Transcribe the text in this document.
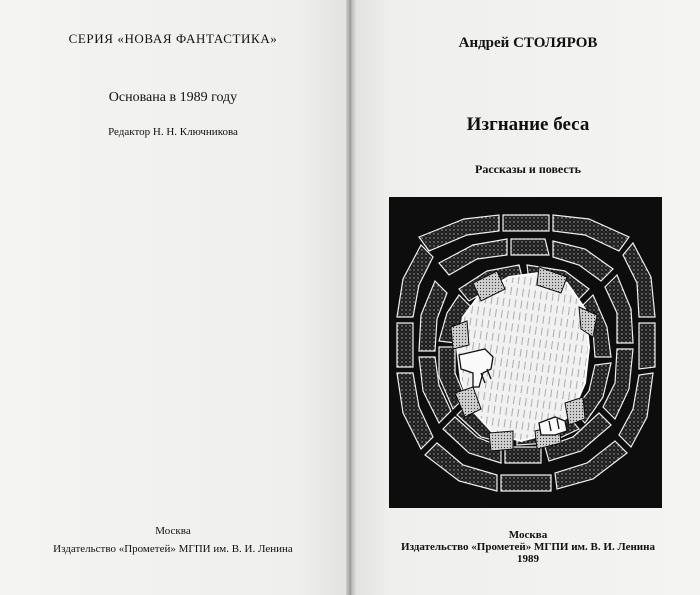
СЕРИЯ «НОВАЯ ФАНТАСТИКА»
Основана в 1989 году
Редактор Н. Н. Ключникова
Москва
Издательство «Прометей» МГПИ им. В. И. Ленина
Андрей СТОЛЯРОВ
Изгнание беса
Рассказы и повесть
Москва
Издательство «Прометей» МГПИ им. В. И. Ленина
1989
